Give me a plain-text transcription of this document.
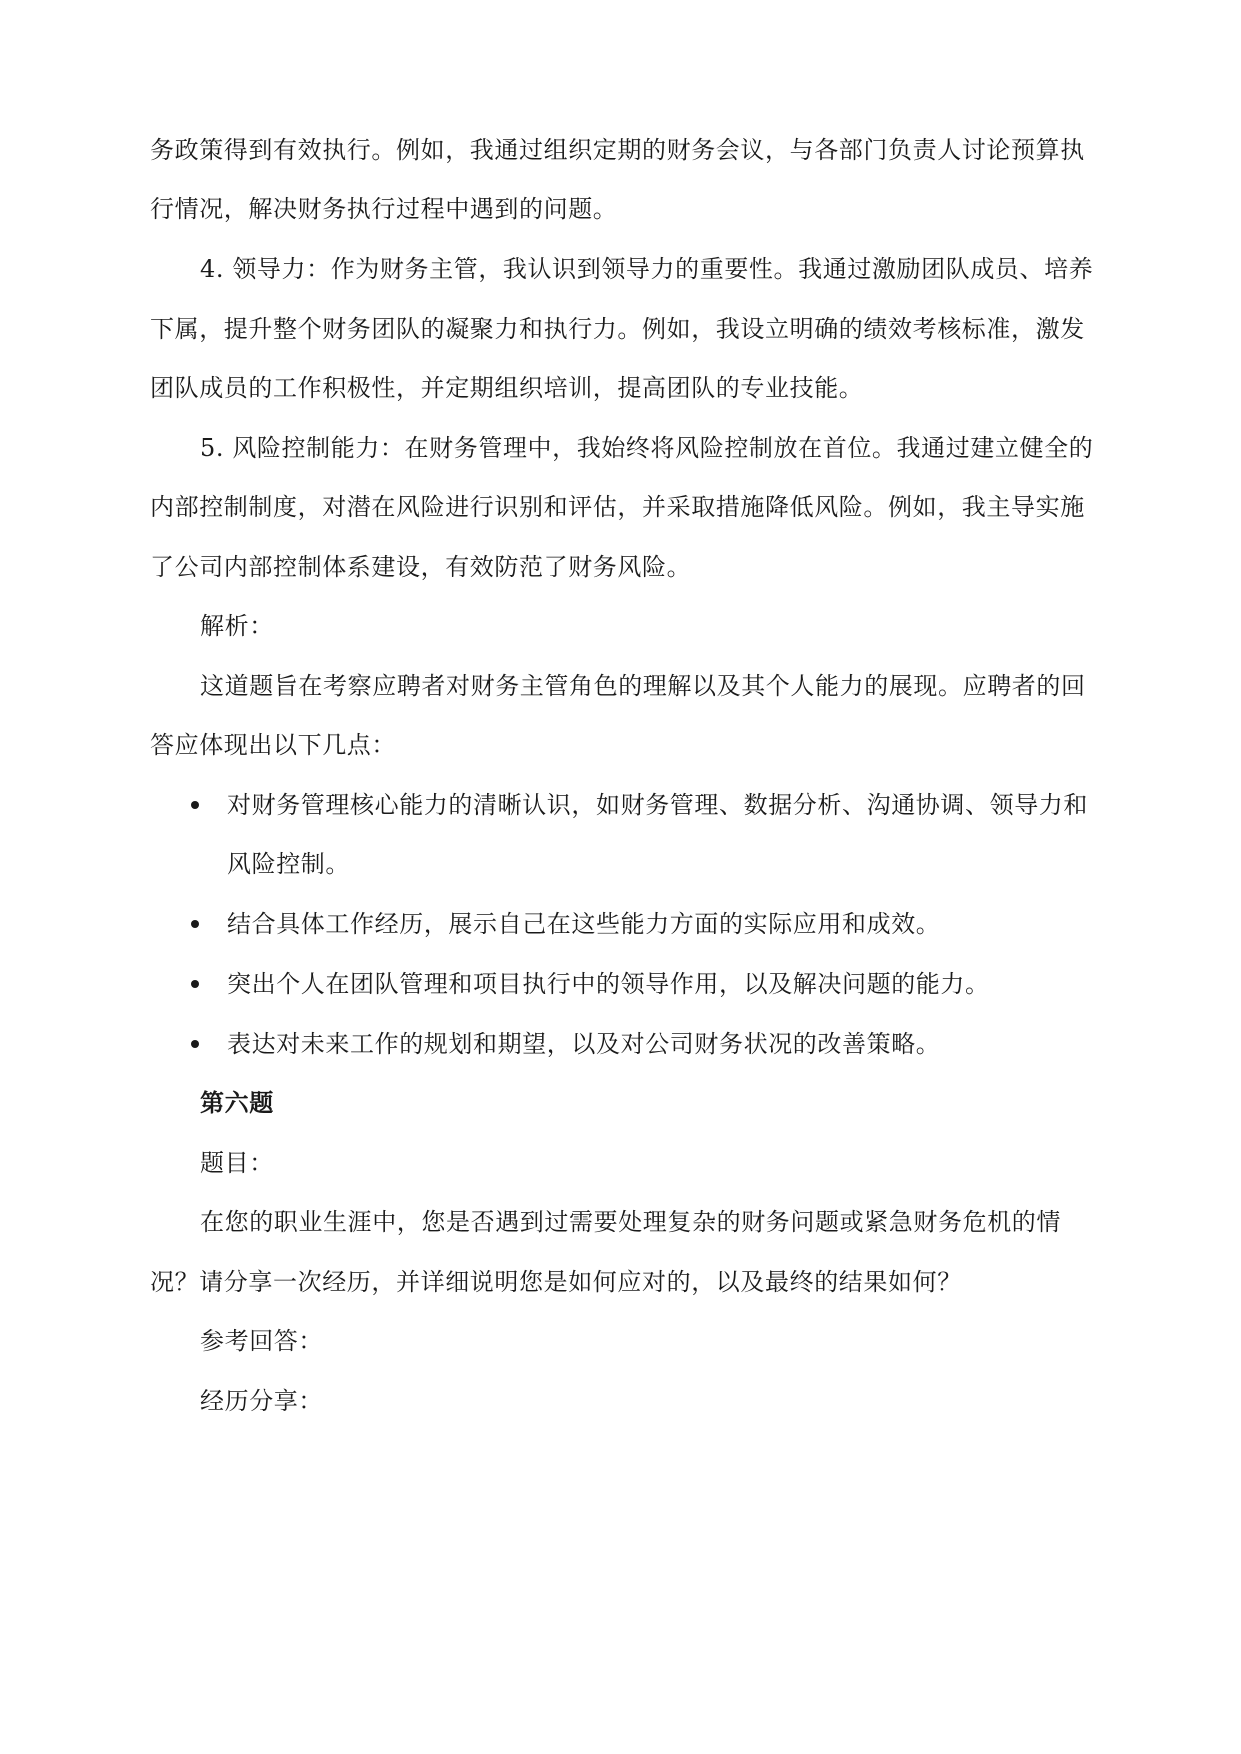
务政策得到有效执行。例如，我通过组织定期的财务会议，与各部门负责人讨论预算执
行情况，解决财务执行过程中遇到的问题。
4. 领导力：作为财务主管，我认识到领导力的重要性。我通过激励团队成员、培养
下属，提升整个财务团队的凝聚力和执行力。例如，我设立明确的绩效考核标准，激发
团队成员的工作积极性，并定期组织培训，提高团队的专业技能。
5. 风险控制能力：在财务管理中，我始终将风险控制放在首位。我通过建立健全的
内部控制制度，对潜在风险进行识别和评估，并采取措施降低风险。例如，我主导实施
了公司内部控制体系建设，有效防范了财务风险。
解析：
这道题旨在考察应聘者对财务主管角色的理解以及其个人能力的展现。应聘者的回
答应体现出以下几点：
对财务管理核心能力的清晰认识，如财务管理、数据分析、沟通协调、领导力和
风险控制。
结合具体工作经历，展示自己在这些能力方面的实际应用和成效。
突出个人在团队管理和项目执行中的领导作用，以及解决问题的能力。
表达对未来工作的规划和期望，以及对公司财务状况的改善策略。
第六题
题目：
在您的职业生涯中，您是否遇到过需要处理复杂的财务问题或紧急财务危机的情
况？请分享一次经历，并详细说明您是如何应对的，以及最终的结果如何？
参考回答：
经历分享：
